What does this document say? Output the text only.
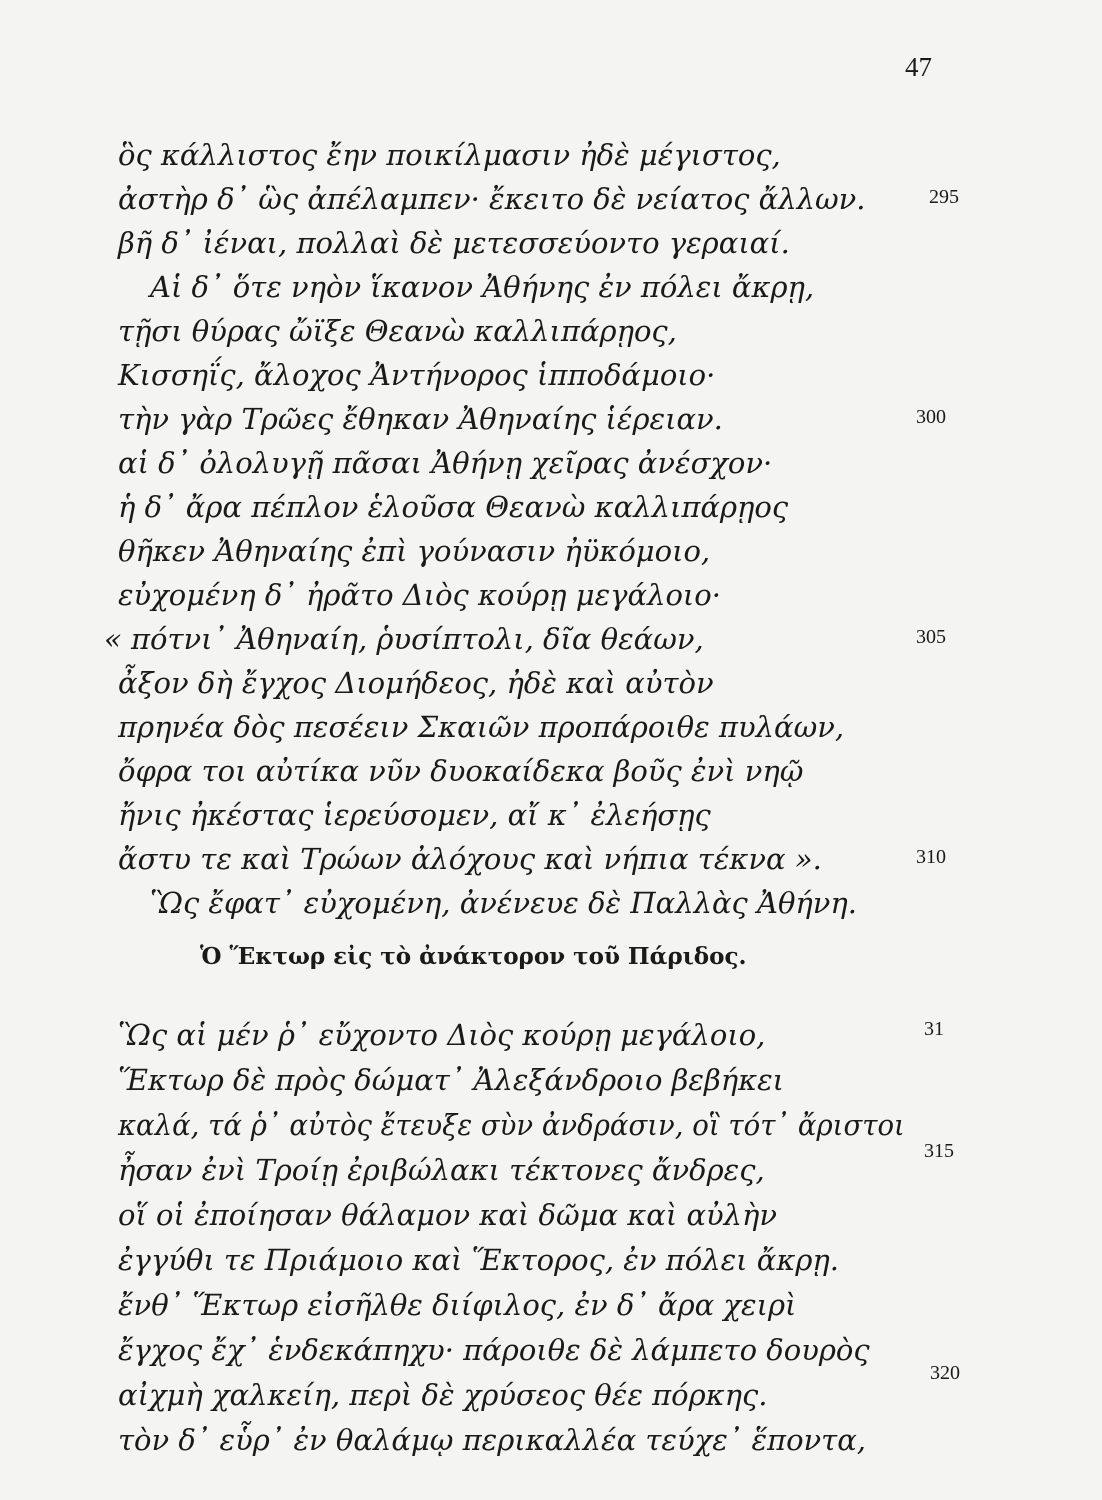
47
ὃς κάλλιστος ἔην ποικίλμασιν ἠδὲ μέγιστος,
ἀστὴρ δ᾽ ὣς ἀπέλαμπεν· ἔκειτο δὲ νείατος ἄλλων.
βῆ δ᾽ ἰέναι, πολλαὶ δὲ μετεσσεύοντο γεραιαί.
Αἱ δ᾽ ὅτε νηὸν ἵκανον Ἀθήνης ἐν πόλει ἄκρῃ,
τῇσι θύρας ὤϊξε Θεανὼ καλλιπάρῃος,
Κισσηΐς, ἄλοχος Ἀντήνορος ἱπποδάμοιο·
τὴν γὰρ Τρῶες ἔθηκαν Ἀθηναίης ἱέρειαν.
αἱ δ᾽ ὀλολυγῇ πᾶσαι Ἀθήνῃ χεῖρας ἀνέσχον·
ἡ δ᾽ ἄρα πέπλον ἑλοῦσα Θεανὼ καλλιπάρῃος
θῆκεν Ἀθηναίης ἐπὶ γούνασιν ἠϋκόμοιο,
εὐχομένη δ᾽ ἠρᾶτο Διὸς κούρῃ μεγάλοιο·
« πότνι᾽ Ἀθηναίη, ῥυσίπτολι, δῖα θεάων,
ἆξον δὴ ἔγχος Διομήδεος, ἠδὲ καὶ αὐτὸν
πρηνέα δὸς πεσέειν Σκαιῶν προπάροιθε πυλάων,
ὄφρα τοι αὐτίκα νῦν δυοκαίδεκα βοῦς ἐνὶ νηῷ
ἤνις ἠκέστας ἱερεύσομεν, αἴ κ᾽ ἐλεήσῃς
ἄστυ τε καὶ Τρώων ἀλόχους καὶ νήπια τέκνα ».
Ὣς ἔφατ᾽ εὐχομένη, ἀνένευε δὲ Παλλὰς Ἀθήνη.
Ὁ Ἕκτωρ εἰς τὸ ἀνάκτορον τοῦ Πάριδος.
Ὣς αἱ μέν ῥ᾽ εὔχοντο Διὸς κούρῃ μεγάλοιο,
Ἕκτωρ δὲ πρὸς δώματ᾽ Ἀλεξάνδροιο βεβήκει
καλά, τά ῥ᾽ αὐτὸς ἔτευξε σὺν ἀνδράσιν, οἳ τότ᾽ ἄριστοι
ἦσαν ἐνὶ Τροίῃ ἐριβώλακι τέκτονες ἄνδρες,
οἵ οἱ ἐποίησαν θάλαμον καὶ δῶμα καὶ αὐλὴν
ἐγγύθι τε Πριάμοιο καὶ Ἕκτορος, ἐν πόλει ἄκρῃ.
ἔνθ᾽ Ἕκτωρ εἰσῆλθε διίφιλος, ἐν δ᾽ ἄρα χειρὶ
ἔγχος ἔχ᾽ ἑνδεκάπηχυ· πάροιθε δὲ λάμπετο δουρὸς
αἰχμὴ χαλκείη, περὶ δὲ χρύσεος θέε πόρκης.
τὸν δ᾽ εὗρ᾽ ἐν θαλάμῳ περικαλλέα τεύχε᾽ ἕποντα,
295
300
305
310
31
315
320
